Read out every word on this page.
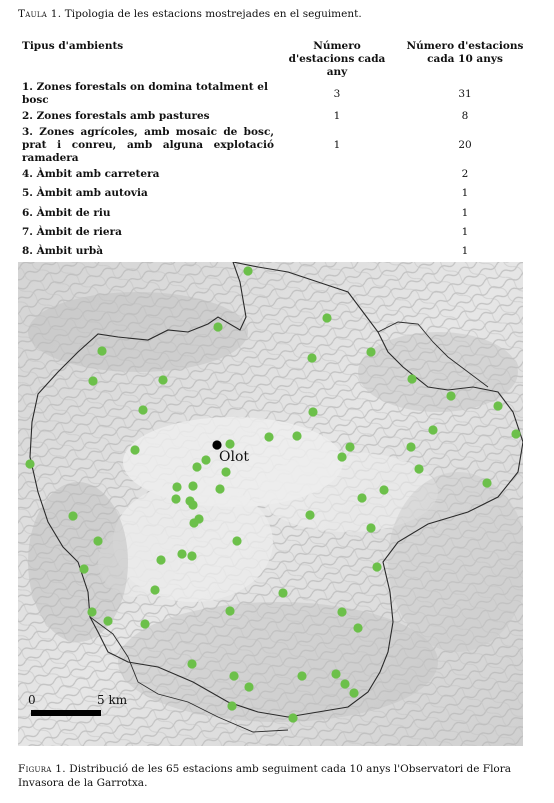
Taula 1. Tipologia de les estacions mostrejades en el seguiment.
Tipus d'ambients	Número d'estacions cada any	Número d'estacions cada 10 anys
1. Zones forestals on domina totalment el bosc	3	31
2. Zones forestals amb pastures	1	8
3. Zones agrícoles, amb mosaic de bosc, prat i conreu, amb alguna explotació ramadera	1	20
4. Àmbit amb carretera		2
5. Àmbit amb autovia		1
6. Àmbit de riu		1
7. Àmbit de riera		1
8. Àmbit urbà		1
Olot
0	5 km
Figura 1. Distribució de les 65 estacions amb seguiment cada 10 anys l'Observatori de Flora Invasora de la Garrotxa.
